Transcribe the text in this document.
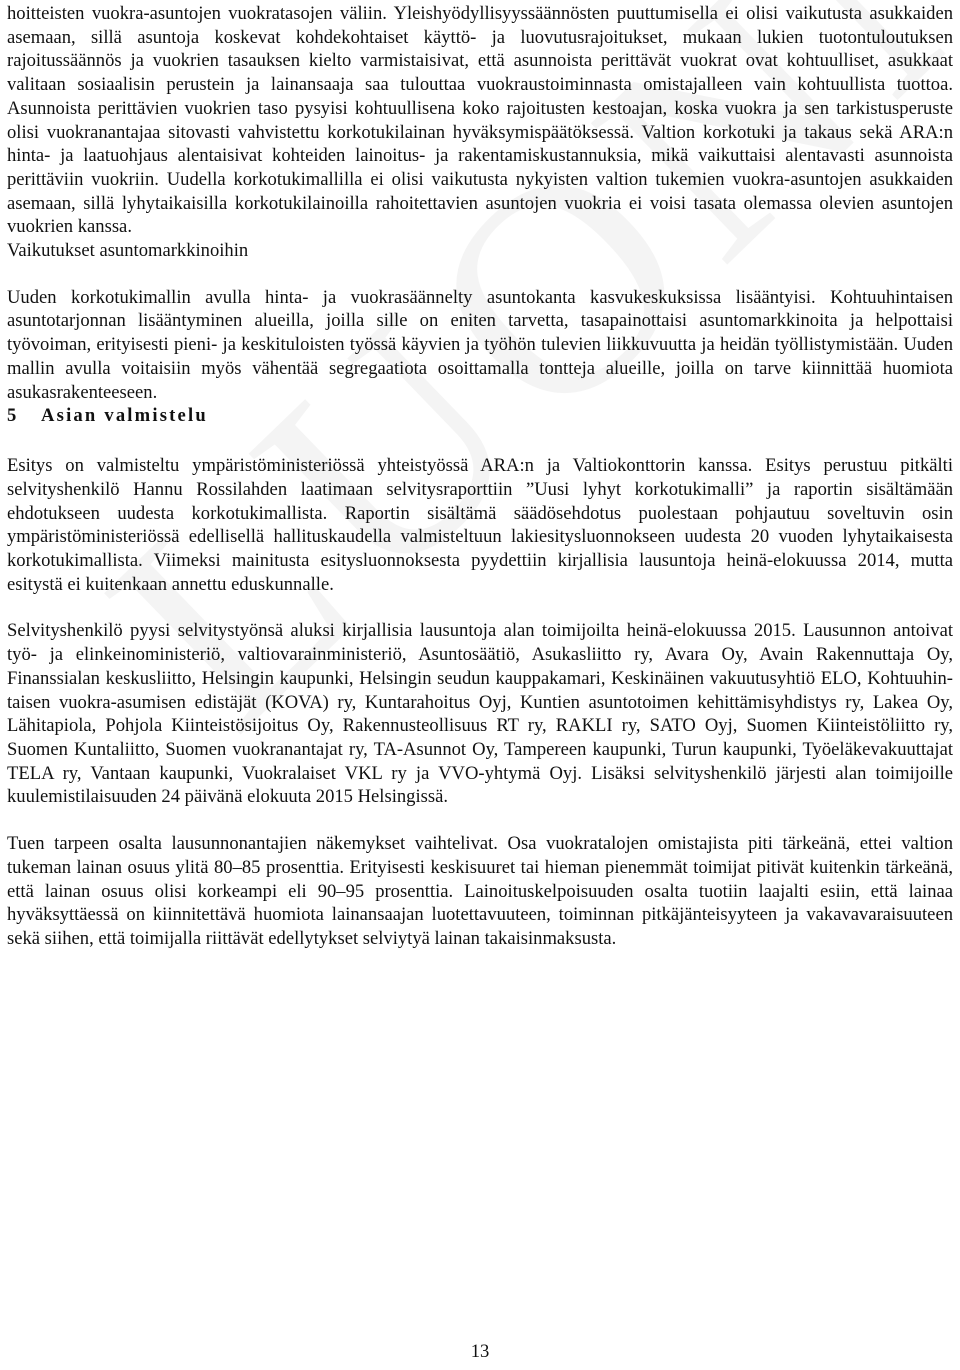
hoitteisten vuokra-asuntojen vuokratasojen väliin. Yleishyödyllisyyssäännösten puuttumisella ei olisi vaikutusta asukkaiden asemaan, sillä asuntoja koskevat kohdekohtaiset käyttö- ja luovutusrajoitukset, mukaan lukien tuotontuloutuksen rajoitussäännös ja vuokrien tasauksen kielto varmistaisivat, että asunnoista perittävät vuokrat ovat kohtuulliset, asukkaat valitaan sosiaalisin perustein ja lainansaaja saa tulouttaa vuokraustoiminnasta omistajalleen vain kohtuullista tuottoa. Asunnoista perittävien vuokrien taso pysyisi kohtuullisena koko rajoitusten kestoajan, koska vuokra ja sen tarkistusperuste olisi vuokranantajaa sitovasti vahvistettu korkotukilainan hyväksymispäätöksessä. Valtion korkotuki ja takaus sekä ARA:n hinta- ja laatuohjaus alentaisivat kohteiden lainoitus- ja rakentamiskustannuksia, mikä vaikuttaisi alentavasti asunnoista perittäviin vuokriin. Uudella korkotukimallilla ei olisi vaikutusta nykyisten valtion tukemien vuokra-asuntojen asukkaiden asemaan, sillä lyhytaikaisilla korkotukilainoilla rahoitettavien asuntojen vuokria ei voisi tasata olemassa olevien asuntojen vuokrien kanssa.

Vaikutukset asuntomarkkinoihin

Uuden korkotukimallin avulla hinta- ja vuokrasäännelty asuntokanta kasvukeskuksissa lisääntyisi. Kohtuuhintaisen asuntotarjonnan lisääntyminen alueilla, joilla sille on eniten tarvetta, tasapainottaisi asuntomarkkinoita ja helpottaisi työvoiman, erityisesti pieni- ja keskituloisten työssä käyvien ja työhön tulevien liikkuvuutta ja heidän työllistymistään. Uuden mallin avulla voitaisiin myös vähentää segregaatiota osoittamalla tontteja alueille, joilla on tarve kiinnittää huomiota asukasrakenteeseen.

5	Asian valmistelu

Esitys on valmisteltu ympäristöministeriössä yhteistyössä ARA:n ja Valtiokonttorin kanssa. Esitys perustuu pitkälti selvityshenkilö Hannu Rossilahden laatimaan selvitysraporttiin ”Uusi lyhyt korkotukimalli” ja raportin sisältämään ehdotukseen uudesta korkotukimallista. Raportin sisältämä säädösehdotus puolestaan pohjautuu soveltuvin osin ympäristöministeriössä edellisellä hallituskaudella valmisteltuun lakiesitysluonnokseen uudesta 20 vuoden lyhytaikaisesta korkotukimallista. Viimeksi mainitusta esitysluonnoksesta pyydettiin kirjallisia lausuntoja heinä-elokuussa 2014, mutta esitystä ei kuitenkaan annettu eduskunnalle.

Selvityshenkilö pyysi selvitystyönsä aluksi kirjallisia lausuntoja alan toimijoilta heinä-elokuussa 2015. Lausunnon antoivat työ- ja elinkeinoministeriö, valtiovarainministeriö, Asuntosäätiö, Asukasliitto ry, Avara Oy, Avain Rakennuttaja Oy, Finanssialan keskusliitto, Helsingin kaupunki, Helsingin seudun kauppakamari, Keskinäinen vakuutusyhtiö ELO, Kohtuuhintaisen vuokra-asumisen edistäjät (KOVA) ry, Kuntarahoitus Oyj, Kuntien asuntotoimen kehittämisyhdistys ry, Lakea Oy, Lähitapiola, Pohjola Kiinteistösijoitus Oy, Rakennusteollisuus RT ry, RAKLI ry, SATO Oyj, Suomen Kiinteistöliitto ry, Suomen Kuntaliitto, Suomen vuokranantajat ry, TA-Asunnot Oy, Tampereen kaupunki, Turun kaupunki, Työeläkevakuuttajat TELA ry, Vantaan kaupunki, Vuokralaiset VKL ry ja VVO-yhtymä Oyj. Lisäksi selvityshenkilö järjesti alan toimijoille kuulemistilaisuuden 24 päivänä elokuuta 2015 Helsingissä.

Tuen tarpeen osalta lausunnonantajien näkemykset vaihtelivat. Osa vuokratalojen omistajista piti tärkeänä, ettei valtion tukeman lainan osuus ylitä 80–85 prosenttia. Erityisesti keskisuuret tai hieman pienemmät toimijat pitivät kuitenkin tärkeänä, että lainan osuus olisi korkeampi eli 90–95 prosenttia. Lainoituskelpoisuuden osalta tuotiin laajalti esiin, että lainaa hyväksyttäessä on kiinnitettävä huomiota lainansaajan luotettavuuteen, toiminnan pitkäjänteisyyteen ja vakavavaraisuuteen sekä siihen, että toimijalla riittävät edellytykset selviytyä lainan takaisinmaksusta.

13
